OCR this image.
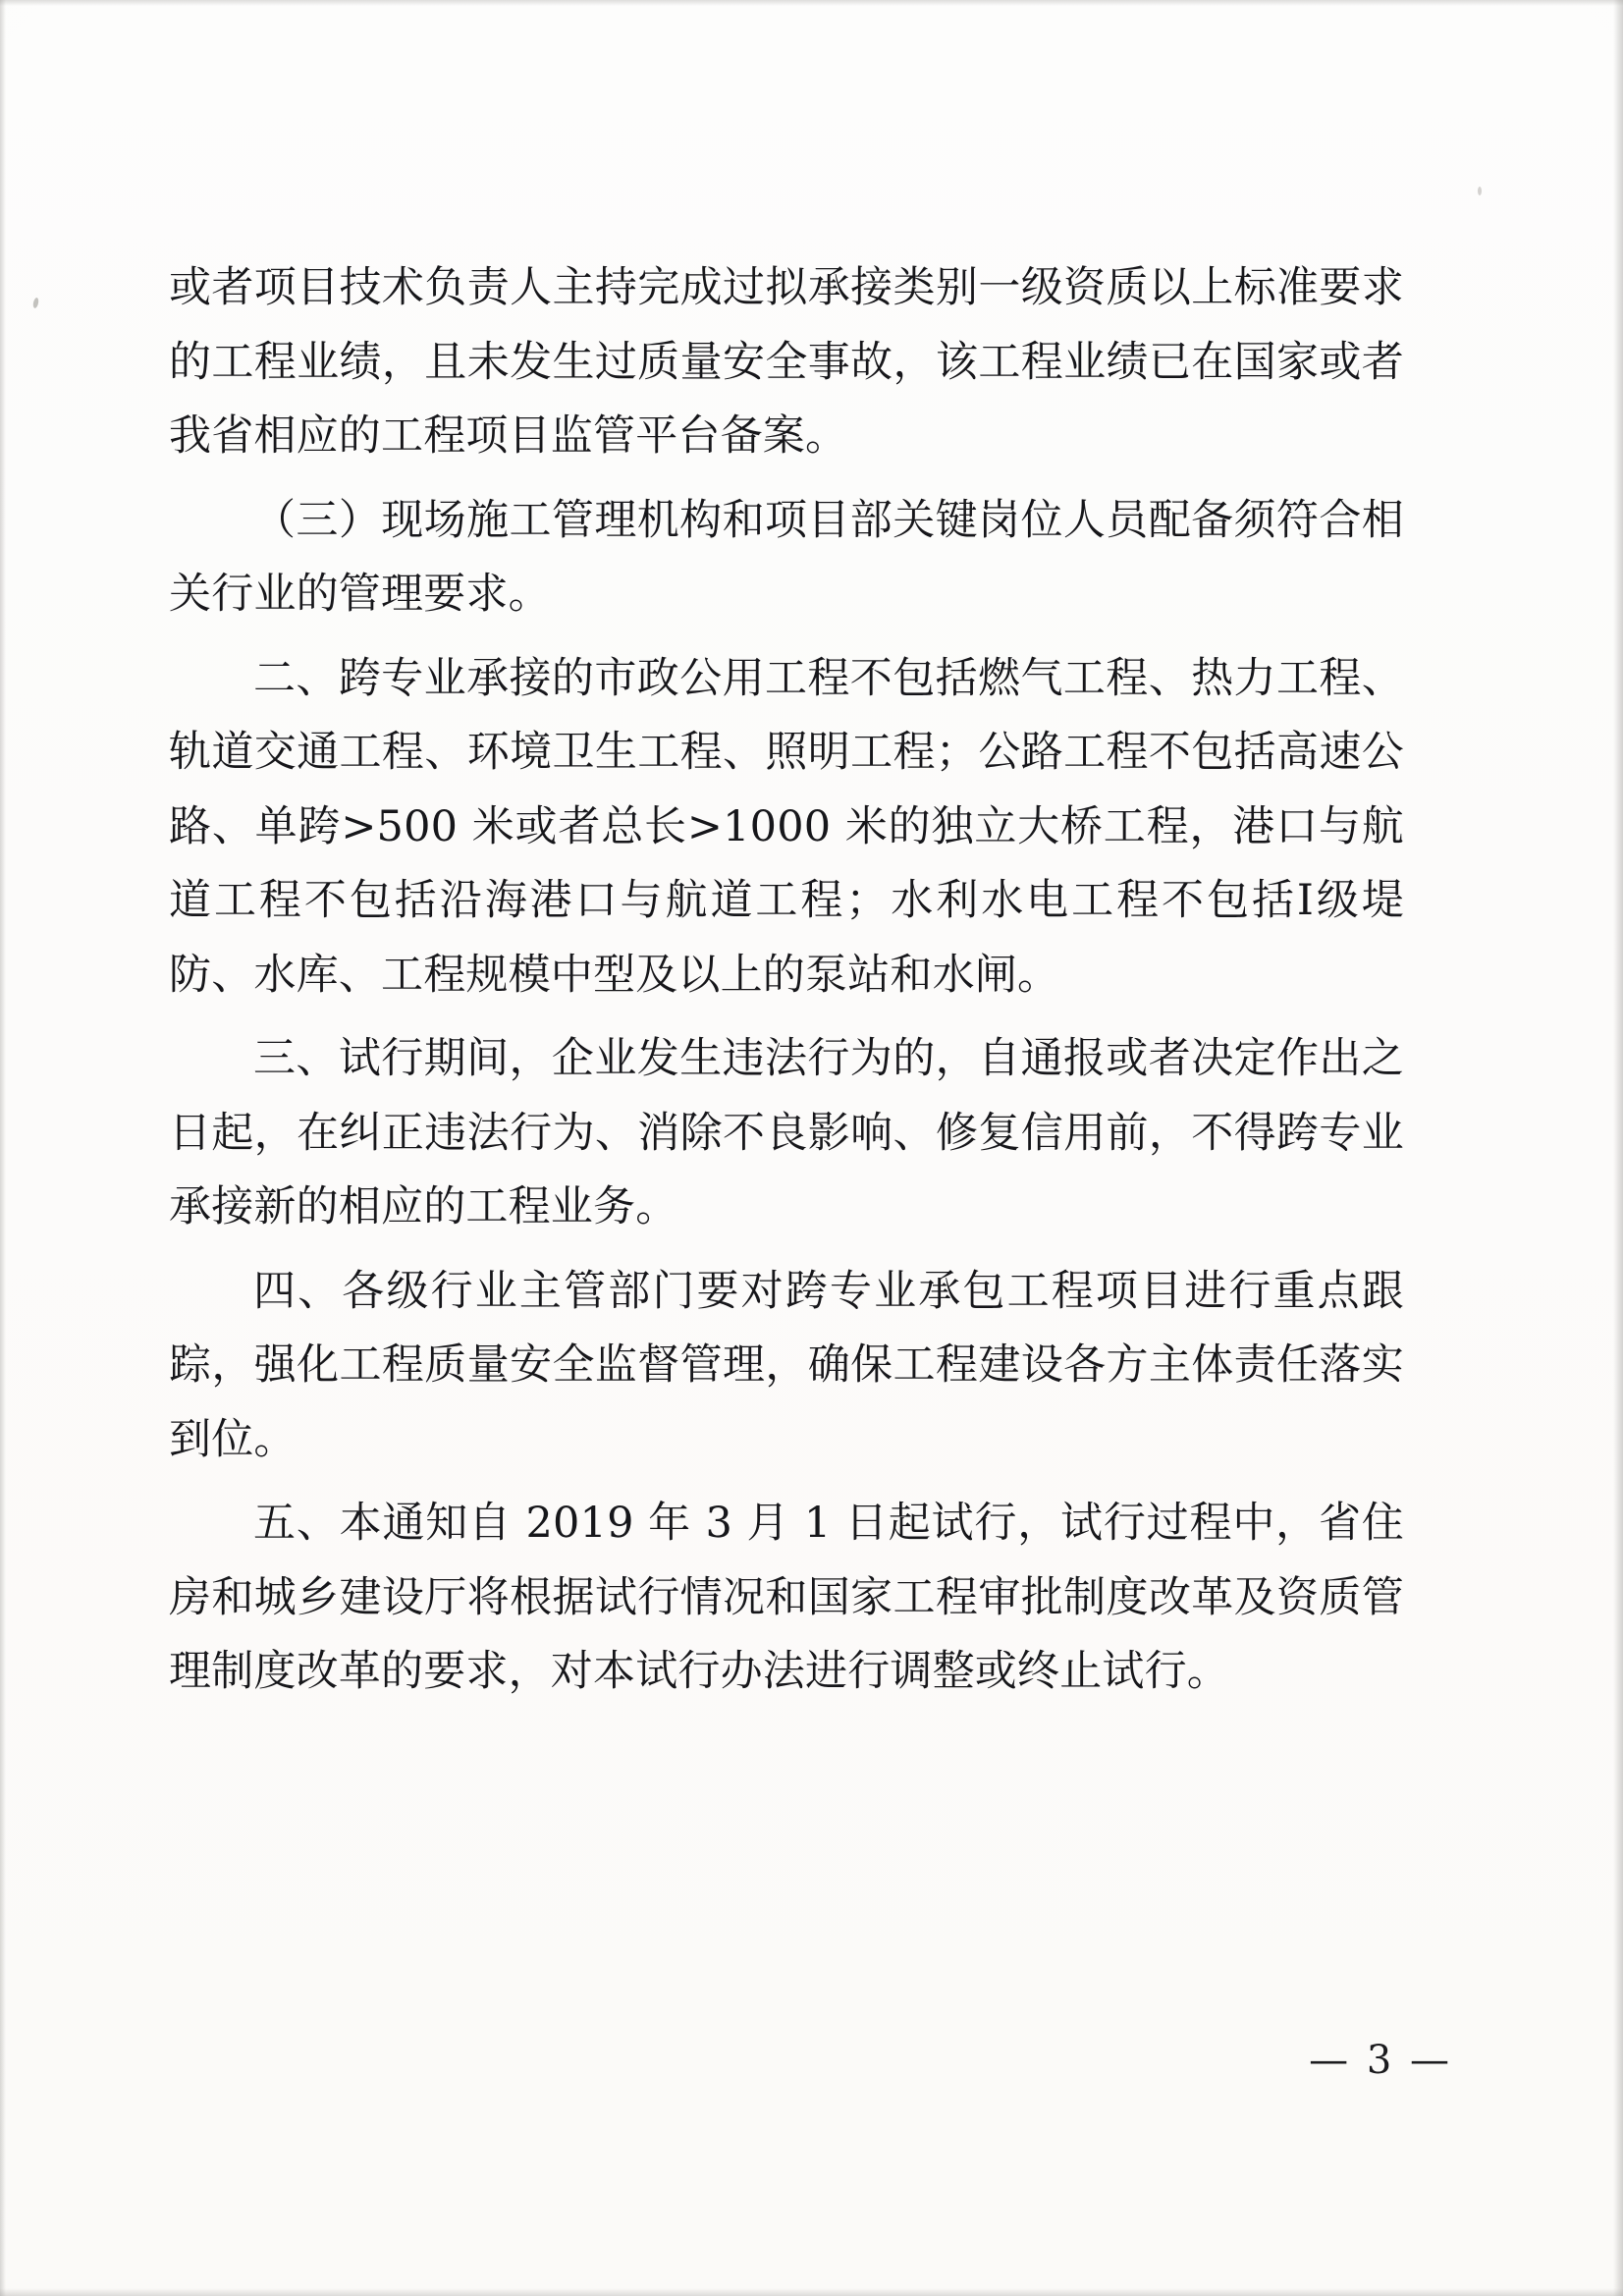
或者项目技术负责人主持完成过拟承接类别一级资质以上标准要求的工程业绩，且未发生过质量安全事故，该工程业绩已在国家或者我省相应的工程项目监管平台备案。

（三）现场施工管理机构和项目部关键岗位人员配备须符合相关行业的管理要求。

二、跨专业承接的市政公用工程不包括燃气工程、热力工程、轨道交通工程、环境卫生工程、照明工程；公路工程不包括高速公路、单跨>500 米或者总长>1000 米的独立大桥工程，港口与航道工程不包括沿海港口与航道工程；水利水电工程不包括Ⅰ级堤防、水库、工程规模中型及以上的泵站和水闸。

三、试行期间，企业发生违法行为的，自通报或者决定作出之日起，在纠正违法行为、消除不良影响、修复信用前，不得跨专业承接新的相应的工程业务。

四、各级行业主管部门要对跨专业承包工程项目进行重点跟踪，强化工程质量安全监督管理，确保工程建设各方主体责任落实到位。

五、本通知自 2019 年 3 月 1 日起试行，试行过程中，省住房和城乡建设厅将根据试行情况和国家工程审批制度改革及资质管理制度改革的要求，对本试行办法进行调整或终止试行。

— 3 —
